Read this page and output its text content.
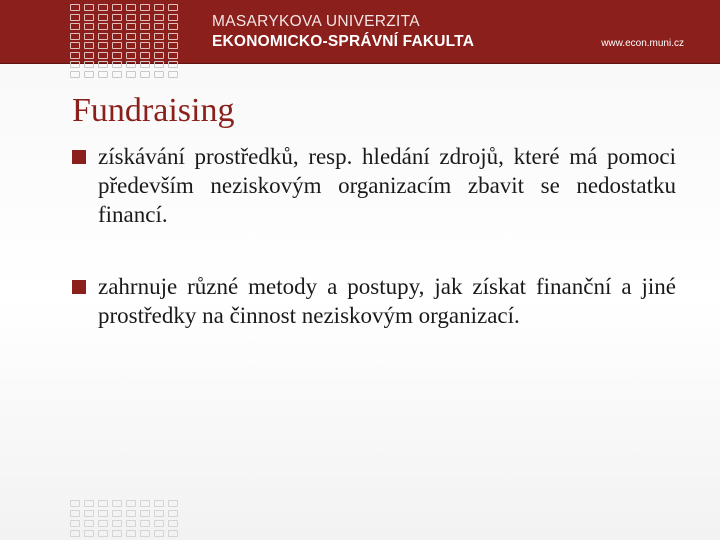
MASARYKOVA UNIVERZITA
EKONOMICKO-SPRÁVNÍ FAKULTA	www.econ.muni.cz
Fundraising
získávání prostředků, resp. hledání zdrojů, které má pomoci především neziskovým organizacím zbavit se nedostatku financí.
zahrnuje různé metody a postupy, jak získat finanční a jiné prostředky na činnost neziskovým organizací.
